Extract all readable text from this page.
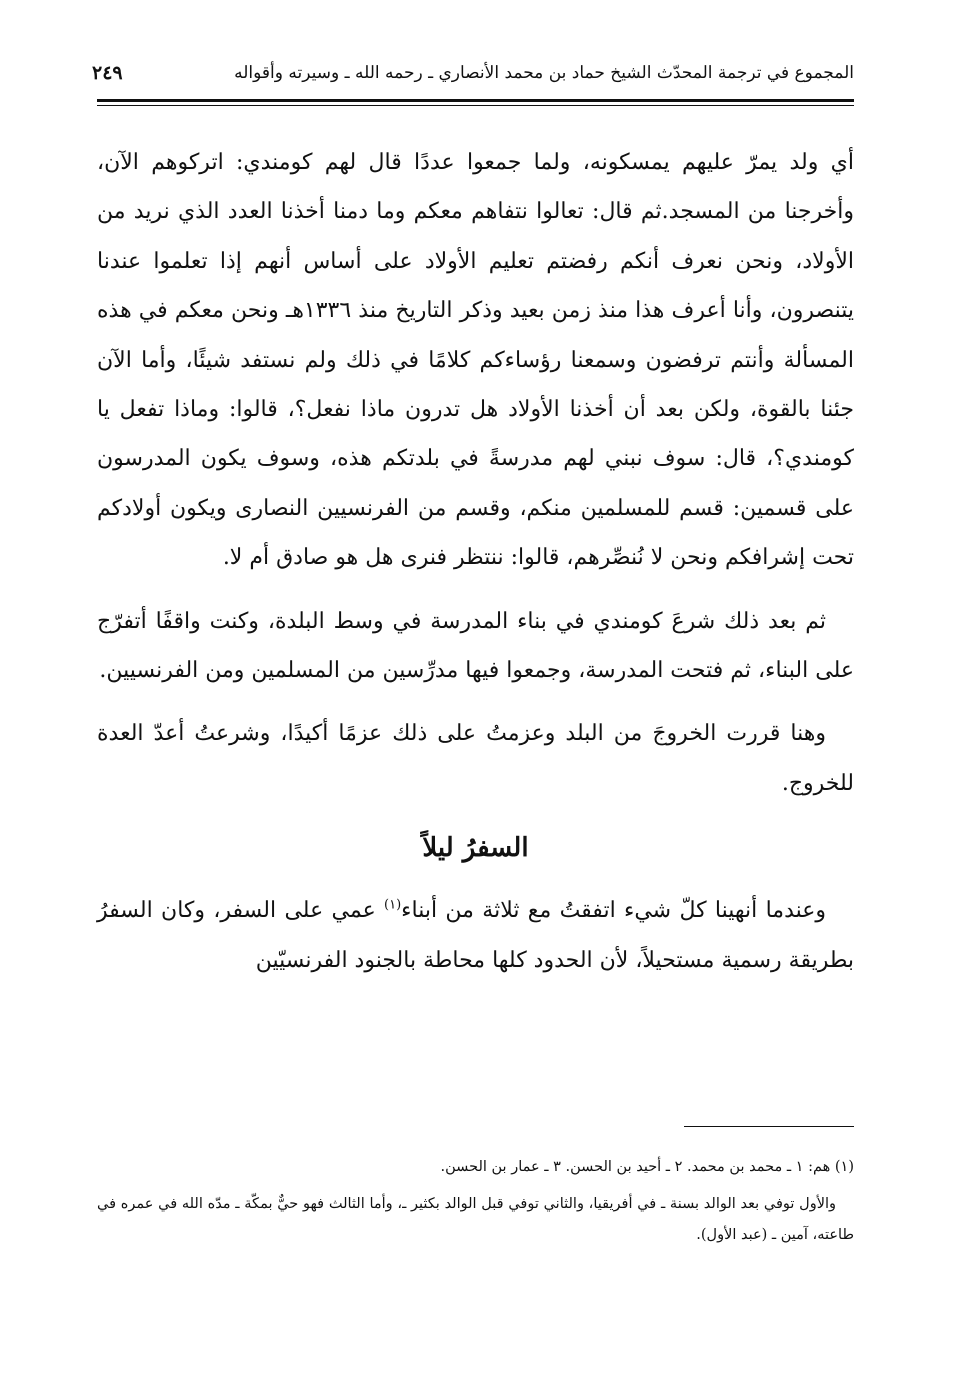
المجموع في ترجمة المحدّث الشيخ حماد بن محمد الأنصاري ـ رحمه الله ـ وسيرته وأقواله
٢٤٩

أي ولد يمرّ عليهم يمسكونه، ولما جمعوا عددًا قال لهم كومندي: اتركوهم الآن، وأخرجنا من المسجد.ثم قال: تعالوا نتفاهم معكم وما دمنا أخذنا العدد الذي نريد من الأولاد، ونحن نعرف أنكم رفضتم تعليم الأولاد على أساس أنهم إذا تعلموا عندنا يتنصرون، وأنا أعرف هذا منذ زمن بعيد وذكر التاريخ منذ ١٣٣٦هـ ونحن معكم في هذه المسألة وأنتم ترفضون وسمعنا رؤساءكم كلامًا في ذلك ولم نستفد شيئًا، وأما الآن جئنا بالقوة، ولكن بعد أن أخذنا الأولاد هل تدرون ماذا نفعل؟، قالوا: وماذا تفعل يا كومندي؟، قال: سوف نبني لهم مدرسةً في بلدتكم هذه، وسوف يكون المدرسون على قسمين: قسم للمسلمين منكم، وقسم من الفرنسيين النصارى ويكون أولادكم تحت إشرافكم ونحن لا نُنصِّرهم، قالوا: ننتظر فنرى هل هو صادق أم لا.

ثم بعد ذلك شرعَ كومندي في بناء المدرسة في وسط البلدة، وكنت واقفًا أتفرّج على البناء، ثم فتحت المدرسة، وجمعوا فيها مدرِّسين من المسلمين ومن الفرنسيين.

وهنا قررت الخروجَ من البلد وعزمتُ على ذلك عزمًا أكيدًا، وشرعتُ أعدّ العدة للخروج.

السفرُ ليلاً

وعندما أنهينا كلّ شيء اتفقتُ مع ثلاثة من أبناء$^{(١)}$ عمي على السفر، وكان السفرُ بطريقة رسمية مستحيلاً، لأن الحدود كلها محاطة بالجنود الفرنسيّين

(١) هم: ١ ـ محمد بن محمد. ٢ ـ أحيد بن الحسن. ٣ ـ عمار بن الحسن.

والأول توفي بعد الوالد بسنة ـ في أفريقيا، والثاني توفي قبل الوالد بكثير ـ، وأما الثالث فهو حيٌّ بمكّة ـ مدّه الله في عمره في طاعته، آمين ـ (عبد الأول).
